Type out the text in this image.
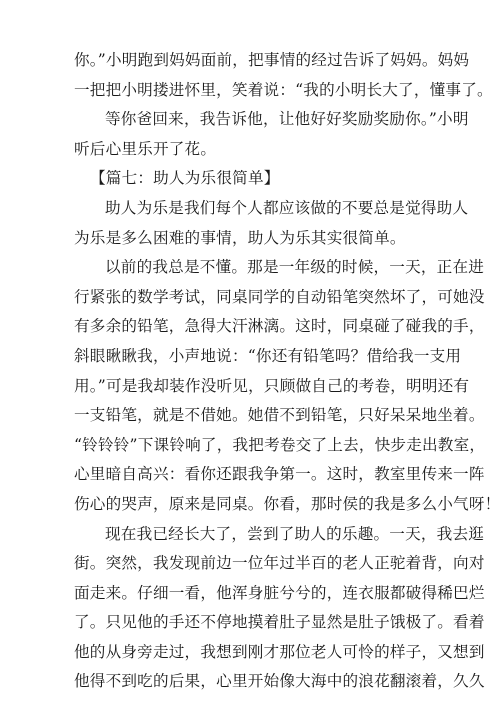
你。”小明跑到妈妈面前，把事情的经过告诉了妈妈。妈妈
一把把小明搂进怀里，笑着说：“我的小明长大了，懂事了。
等你爸回来，我告诉他，让他好好奖励奖励你。”小明
听后心里乐开了花。
【篇七：助人为乐很简单】
助人为乐是我们每个人都应该做的不要总是觉得助人
为乐是多么困难的事情，助人为乐其实很简单。
以前的我总是不懂。那是一年级的时候，一天，正在进
行紧张的数学考试，同桌同学的自动铅笔突然坏了，可她没
有多余的铅笔，急得大汗淋漓。这时，同桌碰了碰我的手，
斜眼瞅瞅我，小声地说：“你还有铅笔吗？借给我一支用
用。”可是我却装作没听见，只顾做自己的考卷，明明还有
一支铅笔，就是不借她。她借不到铅笔，只好呆呆地坐着。
“铃铃铃”下课铃响了，我把考卷交了上去，快步走出教室，
心里暗自高兴：看你还跟我争第一。这时，教室里传来一阵
伤心的哭声，原来是同桌。你看，那时侯的我是多么小气呀！
现在我已经长大了，尝到了助人的乐趣。一天，我去逛
街。突然，我发现前边一位年过半百的老人正驼着背，向对
面走来。仔细一看，他浑身脏兮兮的，连衣服都破得稀巴烂
了。只见他的手还不停地摸着肚子显然是肚子饿极了。看着
他的从身旁走过，我想到刚才那位老人可怜的样子，又想到
他得不到吃的后果，心里开始像大海中的浪花翻滚着，久久
